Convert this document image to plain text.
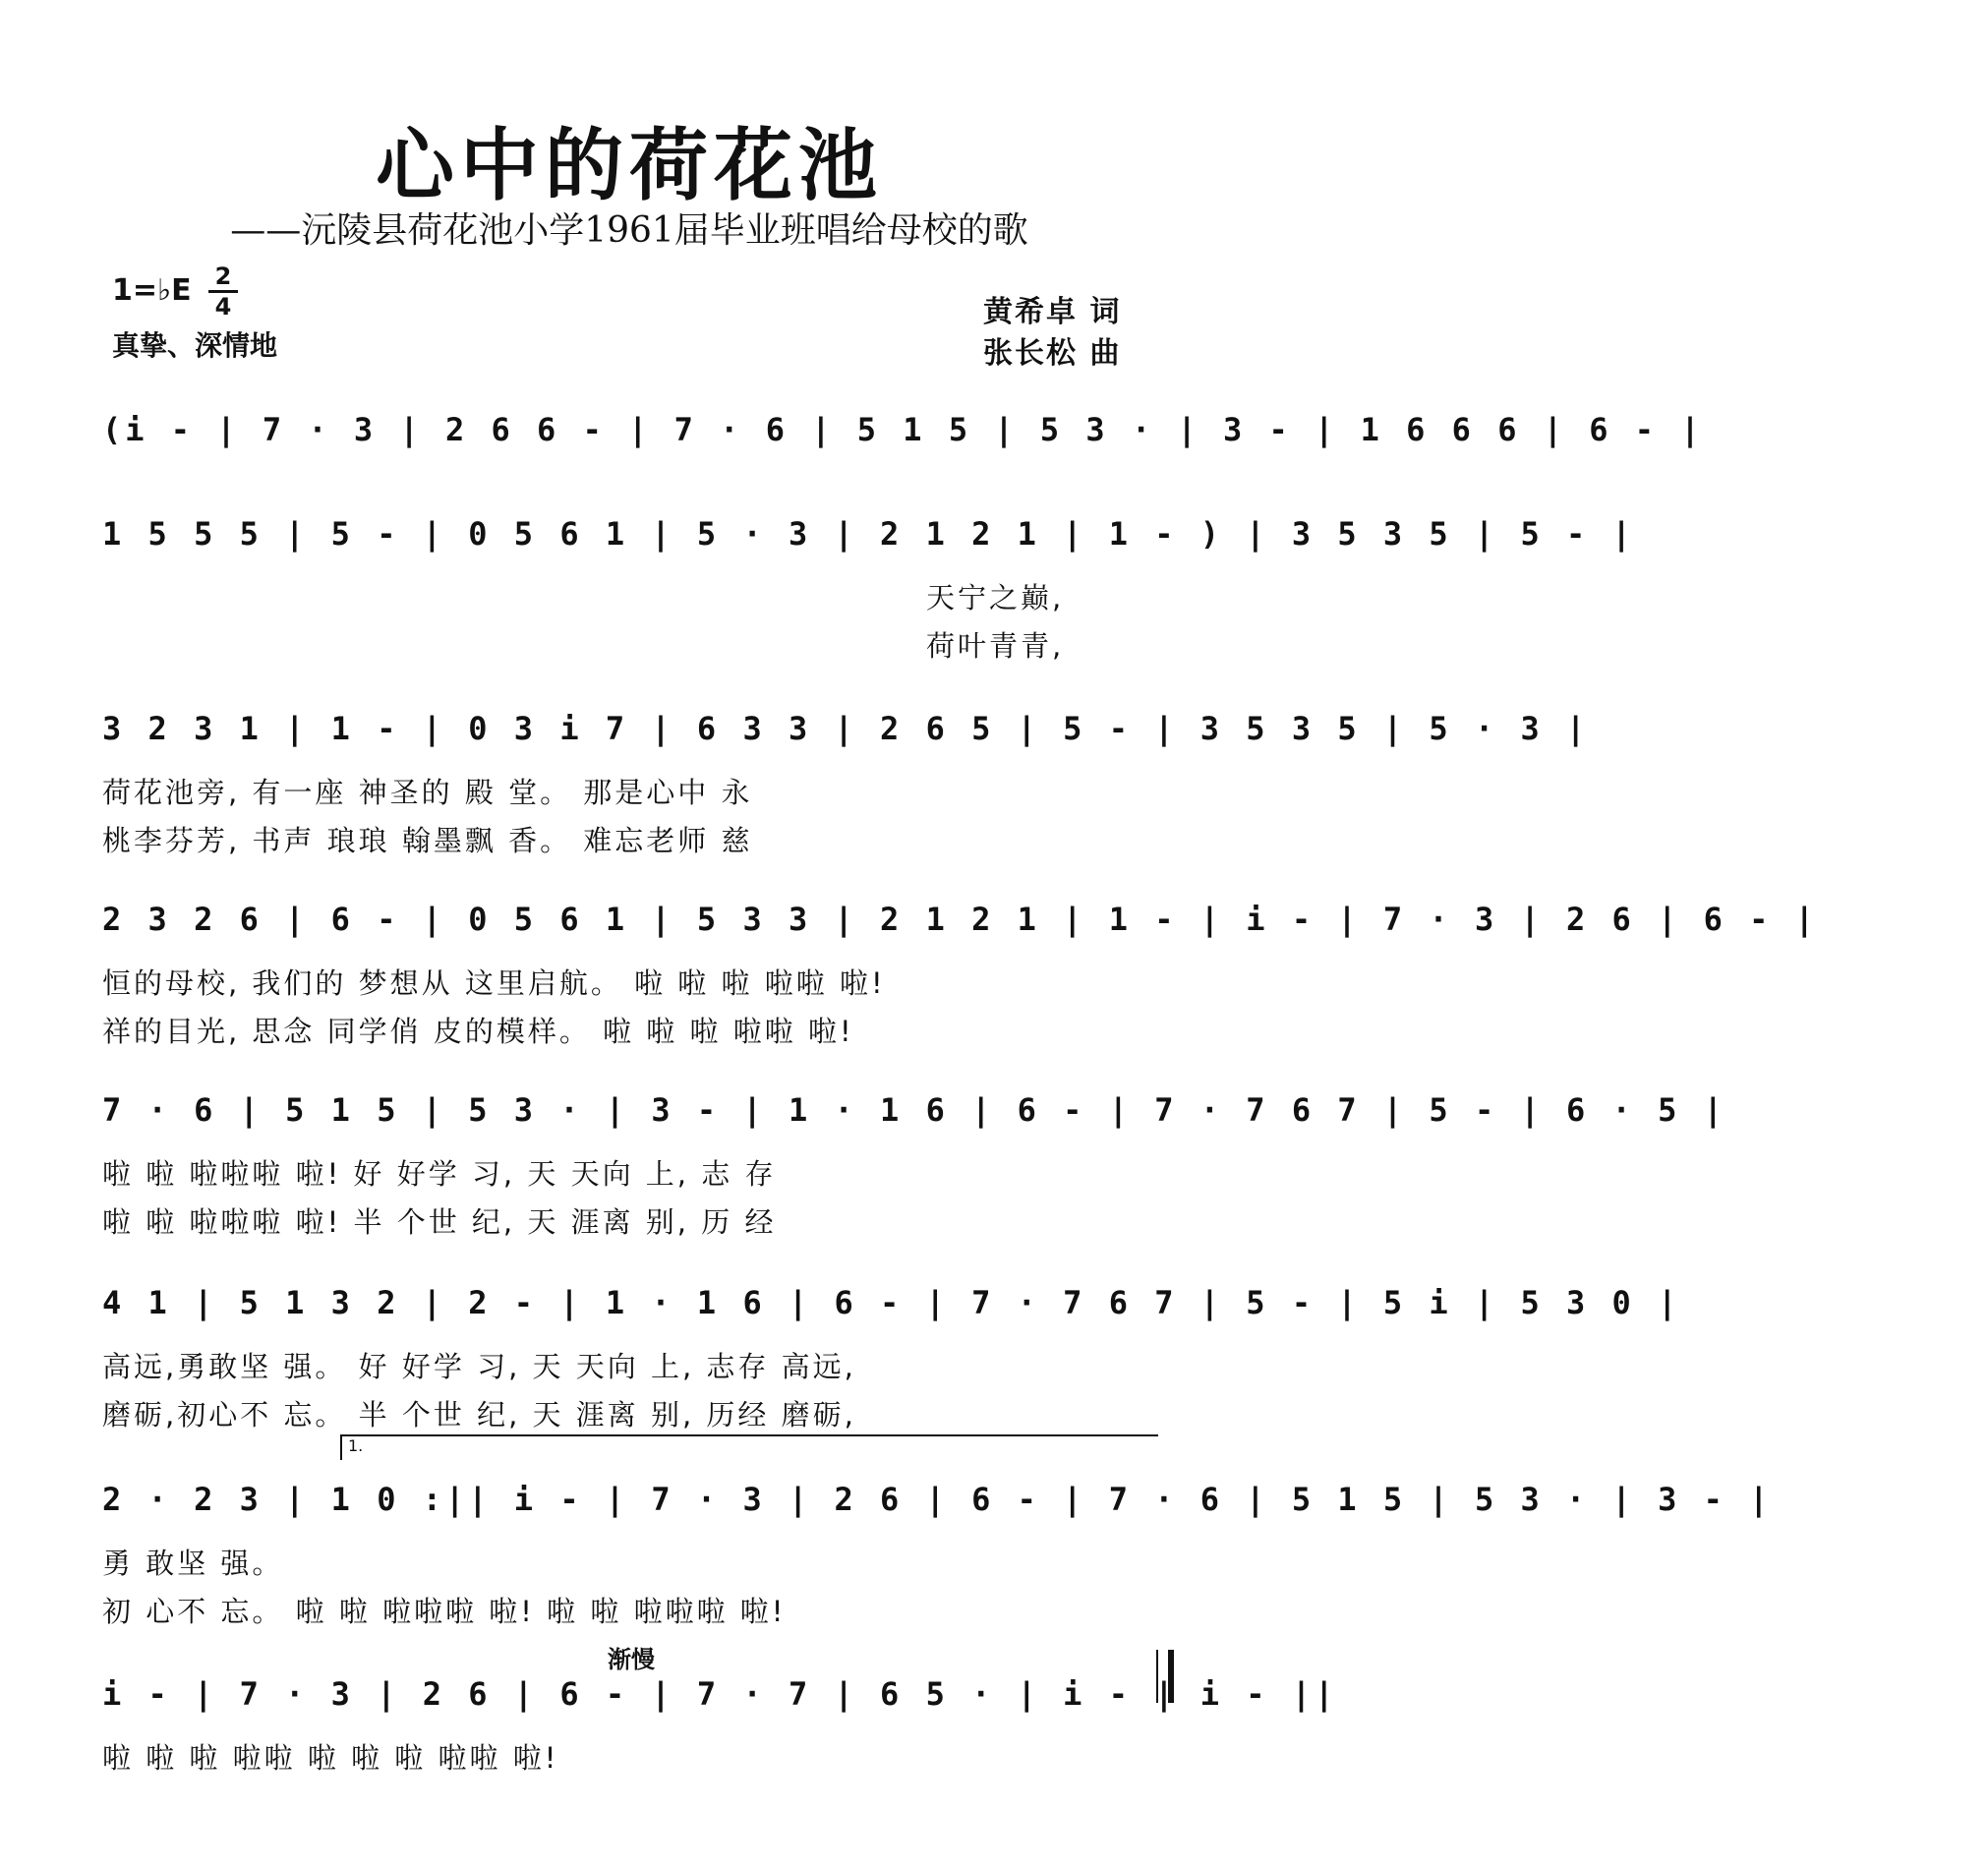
心中的荷花池
——沅陵县荷花池小学1961届毕业班唱给母校的歌
1=♭E 2
4
真挚、深情地
黄希卓 词
张长松 曲
(i - | 7 · 3 | 2 6 6 - | 7 · 6 | 5 1 5 | 5 3 · | 3 - | 1 6 6 6 | 6 - |
1 5 5 5 | 5 - | 0 5 6 1 | 5 · 3 | 2 1 2 1 | 1 - ) | 3 5 3 5 | 5 - |
天宁之巅,
荷叶青青,
3 2 3 1 | 1 - | 0 3 i 7 | 6 3 3 | 2 6 5 | 5 - | 3 5 3 5 | 5 · 3 |
荷花池旁, 有一座 神圣的 殿 堂。 那是心中 永
桃李芬芳, 书声 琅琅 翰墨飘 香。 难忘老师 慈
2 3 2 6 | 6 - | 0 5 6 1 | 5 3 3 | 2 1 2 1 | 1 - | i - | 7 · 3 | 2 6 | 6 - |
恒的母校, 我们的 梦想从 这里启航。 啦 啦 啦 啦啦 啦!
祥的目光, 思念 同学俏 皮的模样。 啦 啦 啦 啦啦 啦!
7 · 6 | 5 1 5 | 5 3 · | 3 - | 1 · 1 6 | 6 - | 7 · 7 6 7 | 5 - | 6 · 5 |
啦 啦 啦啦啦 啦! 好 好学 习, 天 天向 上, 志 存
啦 啦 啦啦啦 啦! 半 个世 纪, 天 涯离 别, 历 经
4 1 | 5 1 3 2 | 2 - | 1 · 1 6 | 6 - | 7 · 7 6 7 | 5 - | 5 i | 5 3 0 |
高远,勇敢坚 强。 好 好学 习, 天 天向 上, 志存 高远,
磨砺,初心不 忘。 半 个世 纪, 天 涯离 别, 历经 磨砺,
1.
2 · 2 3 | 1 0 :|| i - | 7 · 3 | 2 6 | 6 - | 7 · 6 | 5 1 5 | 5 3 · | 3 - |
勇 敢坚 强。
初 心不 忘。 啦 啦 啦啦啦 啦! 啦 啦 啦啦啦 啦!
渐慢
i - | 7 · 3 | 2 6 | 6 - | 7 · 7 | 6 5 · | i - | i - ||
啦 啦 啦 啦啦 啦 啦 啦 啦啦 啦!
